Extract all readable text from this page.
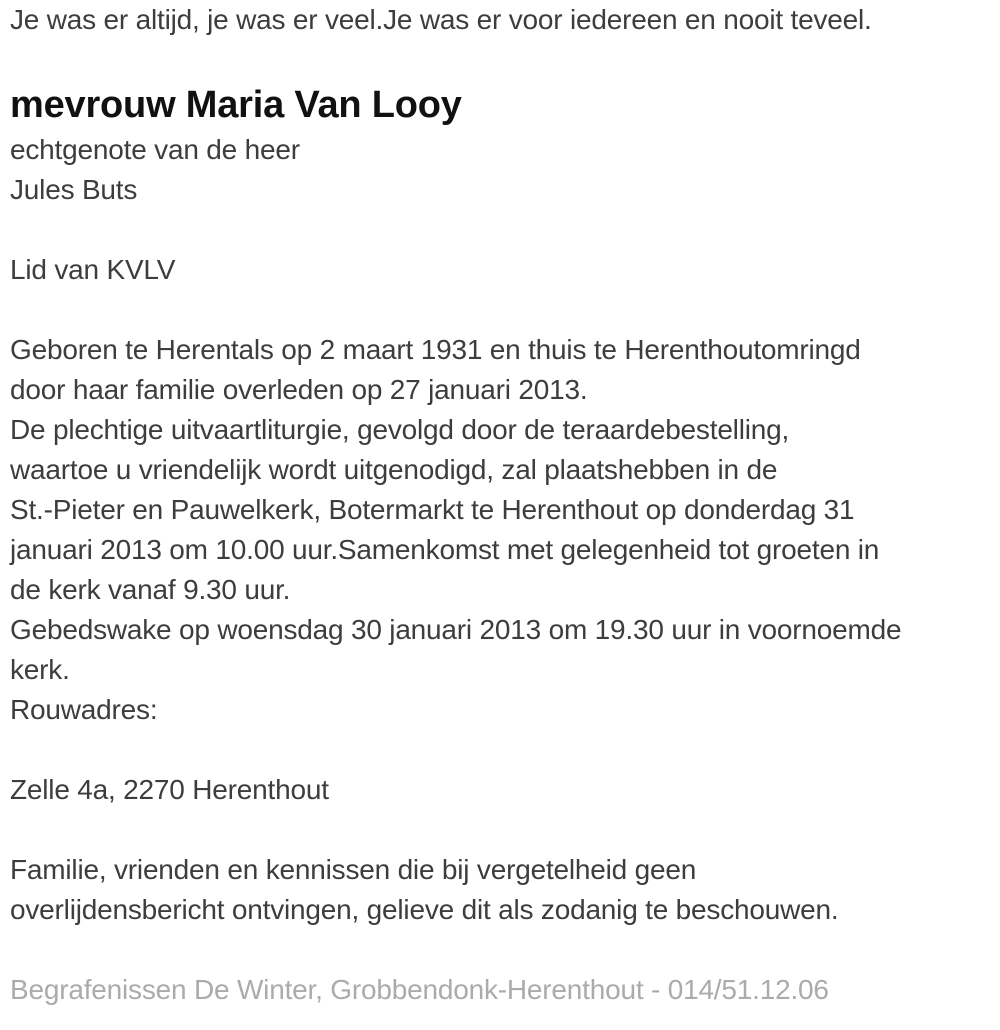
Je was er altijd, je was er veel.Je was er voor iedereen en nooit teveel.
mevrouw Maria Van Looy
echtgenote van de heer
Jules Buts
Lid van KVLV
Geboren te Herentals op 2 maart 1931 en thuis te Herenthoutomringd
door haar familie overleden op 27 januari 2013.
De plechtige uitvaartliturgie, gevolgd door de teraardebestelling,
waartoe u vriendelijk wordt uitgenodigd, zal plaatshebben in de
St.-Pieter en Pauwelkerk, Botermarkt te Herenthout op donderdag 31
januari 2013 om 10.00 uur.Samenkomst met gelegenheid tot groeten in
de kerk vanaf 9.30 uur.
Gebedswake op woensdag 30 januari 2013 om 19.30 uur in voornoemde
kerk.
Rouwadres:
Zelle 4a, 2270 Herenthout
Familie, vrienden en kennissen die bij vergetelheid geen
overlijdensbericht ontvingen, gelieve dit als zodanig te beschouwen.
Begrafenissen De Winter, Grobbendonk-Herenthout - 014/51.12.06
